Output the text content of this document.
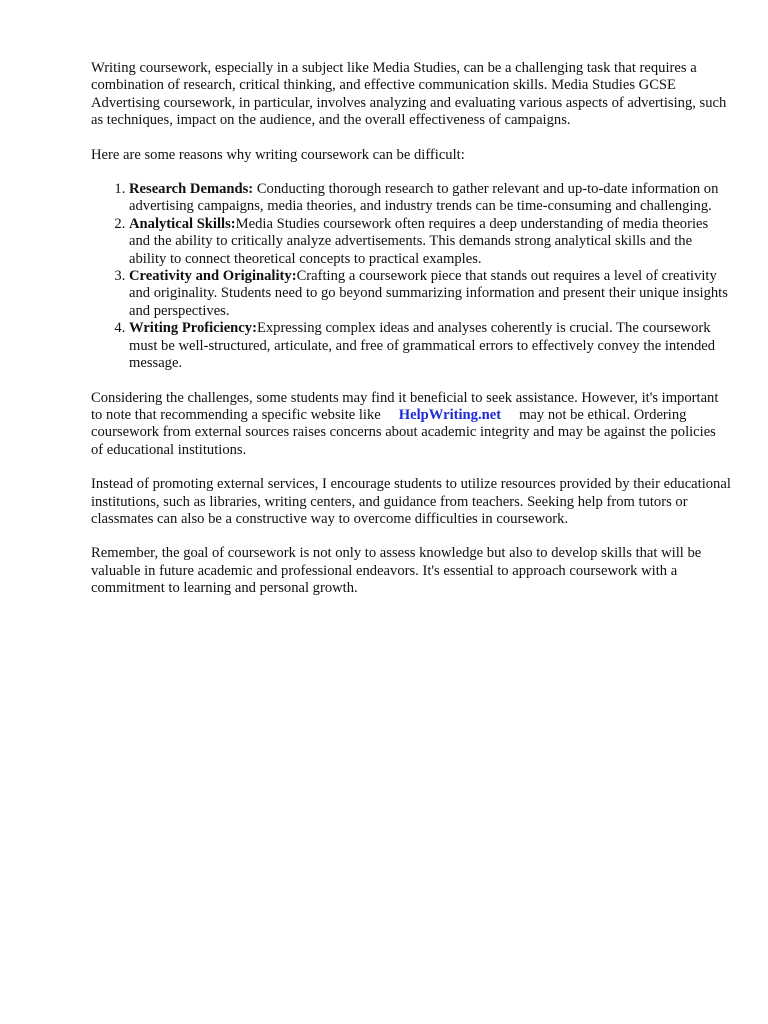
Writing coursework, especially in a subject like Media Studies, can be a challenging task that requires a combination of research, critical thinking, and effective communication skills. Media Studies GCSE Advertising coursework, in particular, involves analyzing and evaluating various aspects of advertising, such as techniques, impact on the audience, and the overall effectiveness of campaigns.

Here are some reasons why writing coursework can be difficult:

1. Research Demands: Conducting thorough research to gather relevant and up-to-date information on advertising campaigns, media theories, and industry trends can be time-consuming and challenging.
2. Analytical Skills:Media Studies coursework often requires a deep understanding of media theories and the ability to critically analyze advertisements. This demands strong analytical skills and the ability to connect theoretical concepts to practical examples.
3. Creativity and Originality:Crafting a coursework piece that stands out requires a level of creativity and originality. Students need to go beyond summarizing information and present their unique insights and perspectives.
4. Writing Proficiency:Expressing complex ideas and analyses coherently is crucial. The coursework must be well-structured, articulate, and free of grammatical errors to effectively convey the intended message.

Considering the challenges, some students may find it beneficial to seek assistance. However, it's important to note that recommending a specific website like HelpWriting.net may not be ethical. Ordering coursework from external sources raises concerns about academic integrity and may be against the policies of educational institutions.

Instead of promoting external services, I encourage students to utilize resources provided by their educational institutions, such as libraries, writing centers, and guidance from teachers. Seeking help from tutors or classmates can also be a constructive way to overcome difficulties in coursework.

Remember, the goal of coursework is not only to assess knowledge but also to develop skills that will be valuable in future academic and professional endeavors. It's essential to approach coursework with a commitment to learning and personal growth.
